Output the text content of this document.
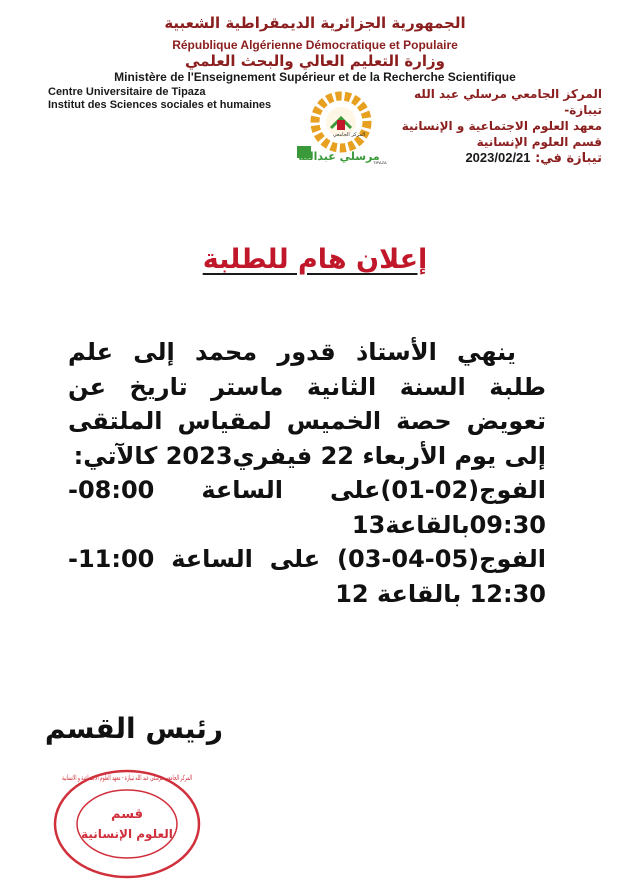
الجمهورية الجزائرية الديمقراطية الشعبية
République Algérienne Démocratique et Populaire
وزارة التعليم العالي والبحث العلمي
Ministère de l'Enseignement Supérieur et de la Recherche Scientifique
Centre Universitaire de Tipaza
Institut des Sciences sociales et humaines
المركز الجامعي مرسلي عبد الله تيبازة-
معهد العلوم الاجتماعية و الإنسانية
قسم العلوم الإنسانية
تيبازة في: 2023/02/21
المركز الجامعي
مرسلي عبدالله
TIPAZA
إعلان هام للطلبة
ينهي الأستاذ قدور محمد إلى علم طلبة السنة الثانية ماستر تاريخ عن تعويض حصة الخميس لمقياس الملتقى إلى يوم الأربعاء 22 فيفري2023 كالآتي:
الفوج(02-01)على الساعة 08:00-09:30بالقاعة13
الفوج(05-04-03) على الساعة 11:00-12:30 بالقاعة 12
رئيس القسم
المركز الجامعي مرسلي عبد الله تيبازة - معهد العلوم الاجتماعية و الانسانية
قسم
العلوم الإنسانية
